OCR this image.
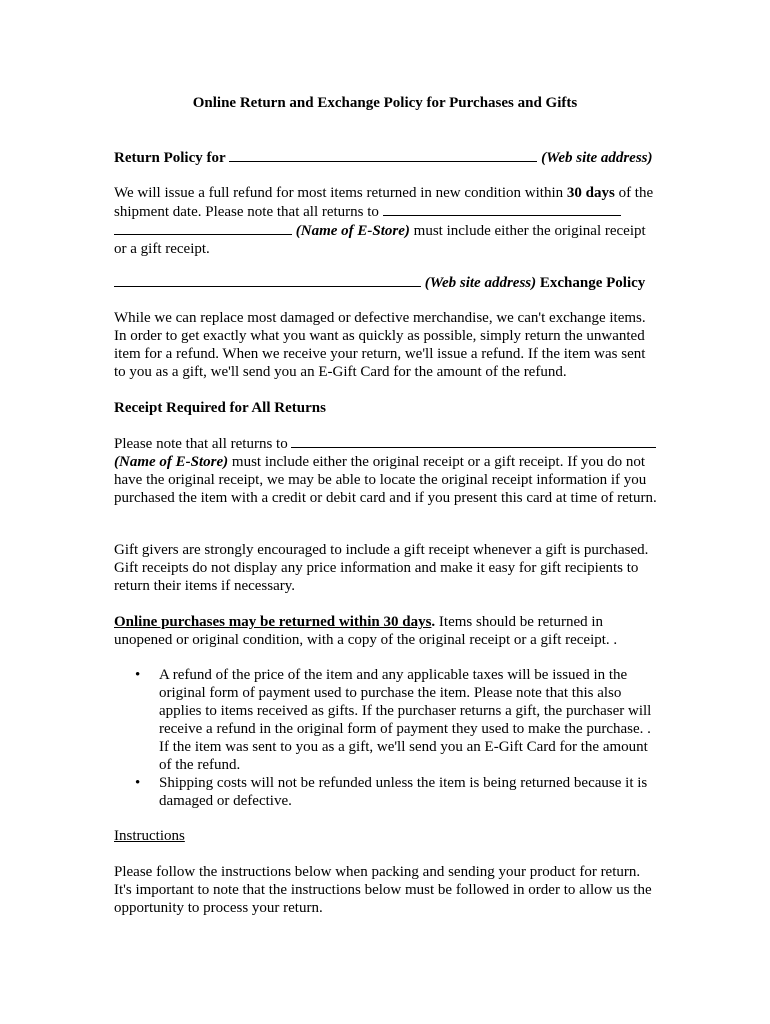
Online Return and Exchange Policy for Purchases and Gifts

Return Policy for	(Web site address)

We will issue a full refund for most items returned in new condition within 30 days of the shipment date. Please note that all returns to   (Name of E-Store) must include either the original receipt or a gift receipt.

(Web site address) Exchange Policy

While we can replace most damaged or defective merchandise, we can't exchange items. In order to get exactly what you want as quickly as possible, simply return the unwanted item for a refund. When we receive your return, we'll issue a refund. If the item was sent to you as a gift, we'll send you an E-Gift Card for the amount of the refund.

Receipt Required for All Returns

Please note that all returns to  (Name of E-Store) must include either the original receipt or a gift receipt. If you do not have the original receipt, we may be able to locate the original receipt information if you purchased the item with a credit or debit card and if you present this card at time of return.

Gift givers are strongly encouraged to include a gift receipt whenever a gift is purchased. Gift receipts do not display any price information and make it easy for gift recipients to return their items if necessary.

Online purchases may be returned within 30 days. Items should be returned in unopened or original condition, with a copy of the original receipt or a gift receipt. .

• A refund of the price of the item and any applicable taxes will be issued in the original form of payment used to purchase the item. Please note that this also applies to items received as gifts. If the purchaser returns a gift, the purchaser will receive a refund in the original form of payment they used to make the purchase. . If the item was sent to you as a gift, we'll send you an E-Gift Card for the amount of the refund.
• Shipping costs will not be refunded unless the item is being returned because it is damaged or defective.

Instructions

Please follow the instructions below when packing and sending your product for return. It's important to note that the instructions below must be followed in order to allow us the opportunity to process your return.
